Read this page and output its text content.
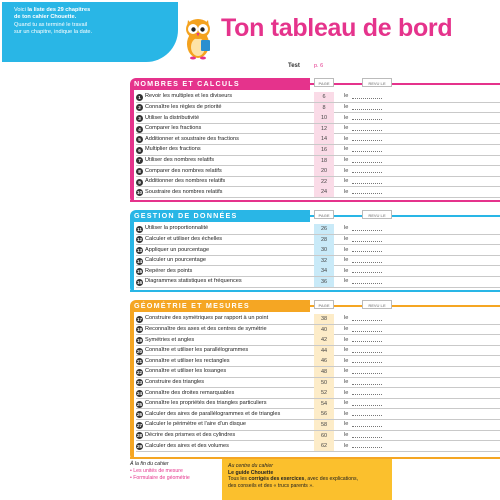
Voici la liste des 29 chapitres
de ton cahier Chouette.
Quand tu as terminé le travail
sur un chapitre, indique la date.	Ton tableau de bord
Test	p. 6
NOMBRES ET CALCULS	PAGE	REVU LE
1 Revoir les multiples et les diviseurs	6	le
2 Connaître les règles de priorité	8	le
3 Utiliser la distributivité	10	le
4 Comparer les fractions	12	le
5 Additionner et soustraire des fractions	14	le
6 Multiplier des fractions	16	le
7 Utiliser des nombres relatifs	18	le
8 Comparer des nombres relatifs	20	le
9 Additionner des nombres relatifs	22	le
10 Soustraire des nombres relatifs	24	le
GESTION DE DONNÉES	PAGE	REVU LE
11 Utiliser la proportionnalité	26	le
12 Calculer et utiliser des échelles	28	le
13 Appliquer un pourcentage	30	le
14 Calculer un pourcentage	32	le
15 Repérer des points	34	le
16 Diagrammes statistiques et fréquences	36	le
GÉOMÉTRIE ET MESURES	PAGE	REVU LE
17 Construire des symétriques par rapport à un point	38	le
18 Reconnaître des axes et des centres de symétrie	40	le
19 Symétries et angles	42	le
20 Connaître et utiliser les parallélogrammes	44	le
21 Connaître et utiliser les rectangles	46	le
22 Connaître et utiliser les losanges	48	le
23 Construire des triangles	50	le
24 Connaître des droites remarquables	52	le
25 Connaître les propriétés des triangles particuliers	54	le
26 Calculer des aires de parallélogrammes et de triangles	56	le
27 Calculer le périmètre et l'aire d'un disque	58	le
28 Décrire des prismes et des cylindres	60	le
29 Calculer des aires et des volumes	62	le
À la fin du cahier
• Les unités de mesure
• Formulaire de géométrie
Au centre du cahier
Le guide Chouette
Tous les corrigés des exercices, avec des explications,
des conseils et des « trucs parents ».
